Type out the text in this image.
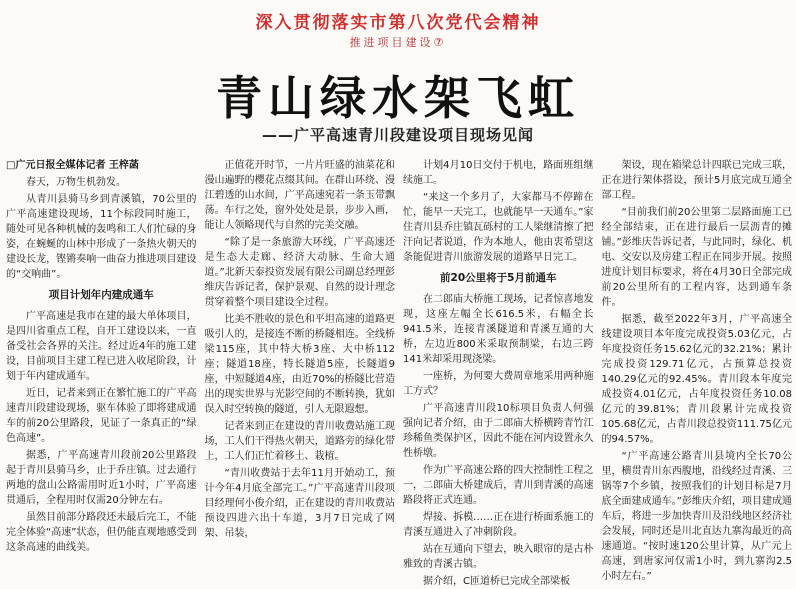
深入贯彻落实市第八次党代会精神
推进项目建设⑦
青山绿水架飞虹
——广平高速青川段建设项目现场见闻

□广元日报全媒体记者 王梓菡

春天，万物生机勃发。

从青川县骑马乡到青溪镇，70公里的广平高速建设现场，11个标段同时施工，随处可见各种机械的轰鸣和工人们忙碌的身姿，在蜿蜒的山林中形成了一条热火朝天的建设长龙，铿锵奏响一曲奋力推进项目建设的“交响曲”。

项目计划年内建成通车

广平高速是我市在建的最大单体项目，是四川省重点工程，自开工建设以来，一直备受社会各界的关注。经过近4年的施工建设，目前项目主建工程已进入收尾阶段，计划于年内建成通车。

近日，记者来到正在繁忙施工的广平高速青川段建设现场，驱车体验了即将建成通车的前20公里路段，见证了一条真正的“绿色高速”。

据悉，广平高速青川段前20公里路段起于青川县骑马乡，止于乔庄镇。过去通行两地的盘山公路需用时近1小时，广平高速贯通后，全程用时仅需20分钟左右。

虽然目前部分路段还未最后完工，不能完全体验“高速”状态，但仍能直观地感受到这条高速的曲线美。

正值花开时节，一片片旺盛的油菜花和漫山遍野的樱花点缀其间。在群山环绕、漫江碧透的山水间，广平高速宛若一条玉带飘荡。车行之处，窗外处处是景，步步入画，能让人领略现代与自然的完美交融。

“除了是一条旅游大环线，广平高速还是生态大走廊、经济大动脉、生命大通道。”北新天泰投资发展有限公司副总经理彭维庆告诉记者，保护景观、自然的设计理念贯穿着整个项目建设全过程。

比美不胜收的景色和平坦高速的道路更吸引人的，是接连不断的桥隧相连。全线桥梁115座，其中特大桥3座、大中桥112座；隧道18座，特长隧道5座，长隧道9座，中短隧道4座，由近70%的桥隧比营造出的现实世界与光影空间的不断转换，犹如误入时空转换的隧道，引人无限遐想。

记者来到正在建设的青川收费站施工现场，工人们干得热火朝天，道路旁的绿化带上，工人们正忙着移土、栽植。

“青川收费站于去年11月开始动工，预计今年4月底全部完工。”广平高速青川段项目经理何小俊介绍，正在建设的青川收费站预设四进六出十车道，3月7日完成了网架、吊装，

计划4月10日交付于机电，路面班组继续施工。

“来这一个多月了，大家都马不停蹄在忙，能早一天完工，也就能早一天通车。”家住青川县乔庄镇瓦砾村的工人梁继清擦了把汗向记者说道，作为本地人，他由衷希望这条能促进青川旅游发展的道路早日完工。

前20公里将于5月前通车

在二郎庙大桥施工现场，记者惊喜地发现，这座左幅全长616.5米，右幅全长941.5米，连接青溪隧道和青溪互通的大桥，左边近800米采取预制梁，右边三跨141米却采用现浇梁。

一座桥，为何要大费周章地采用两种施工方式？

广平高速青川段10标项目负责人何强强向记者介绍，由于二郎庙大桥横跨青竹江珍稀鱼类保护区，因此不能在河内设置永久性桥墩。

作为广平高速公路的四大控制性工程之一，二郎庙大桥建成后，青川到青溪的高速路段将正式连通。

焊接、拆模……正在进行桥面系施工的青溪互通进入了冲刺阶段。

站在互通向下望去，映入眼帘的是古朴雅致的青溪古镇。

据介绍，C匝道桥已完成全部梁板

架设，现在箱梁总计四联已完成三联，正在进行架体搭设，预计5月底完成互通全部工程。

“目前我们前20公里第二层路面施工已经全部结束，正在进行最后一层沥青的摊铺。”彭维庆告诉记者，与此同时，绿化、机电、交安以及房建工程正在同步开展。按照进度计划目标要求，将在4月30日全部完成前20公里所有的工程内容，达到通车条件。

据悉，截至2022年3月，广平高速全线建设项目本年度完成投资5.03亿元，占年度投资任务15.62亿元的32.21%；累计完成投资129.71亿元，占预算总投资140.29亿元的92.45%。青川段本年度完成投资4.01亿元，占年度投资任务10.08亿元的39.81%；青川段累计完成投资105.68亿元，占青川段总投资111.75亿元的94.57%。

“广平高速公路青川县境内全长70公里，横贯青川东西腹地，沿线经过青溪、三锅等7个乡镇，按照我们的计划目标是7月底全面建成通车。”彭维庆介绍，项目建成通车后，将进一步加快青川及沿线地区经济社会发展，同时还是川北直达九寨沟最近的高速通道。“按时速120公里计算，从广元上高速，到唐家河仅需1小时，到九寨沟2.5小时左右。”
